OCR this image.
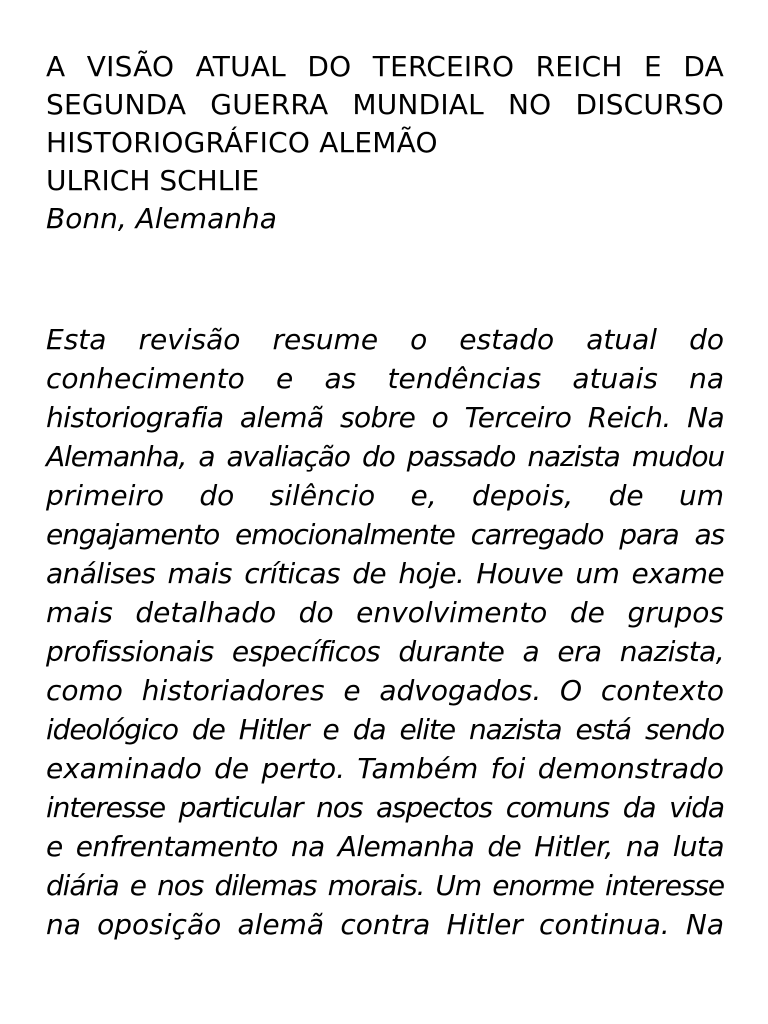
A VISÃO ATUAL DO TERCEIRO REICH E DA
SEGUNDA GUERRA MUNDIAL NO DISCURSO
HISTORIOGRÁFICO ALEMÃO
ULRICH SCHLIE
Bonn, Alemanha
Esta revisão resume o estado atual do
conhecimento e as tendências atuais na
historiografia alemã sobre o Terceiro Reich. Na
Alemanha, a avaliação do passado nazista mudou
primeiro do silêncio e, depois, de um
engajamento emocionalmente carregado para as
análises mais críticas de hoje. Houve um exame
mais detalhado do envolvimento de grupos
profissionais específicos durante a era nazista,
como historiadores e advogados. O contexto
ideológico de Hitler e da elite nazista está sendo
examinado de perto. Também foi demonstrado
interesse particular nos aspectos comuns da vida
e enfrentamento na Alemanha de Hitler, na luta
diária e nos dilemas morais. Um enorme interesse
na oposição alemã contra Hitler continua. Na
